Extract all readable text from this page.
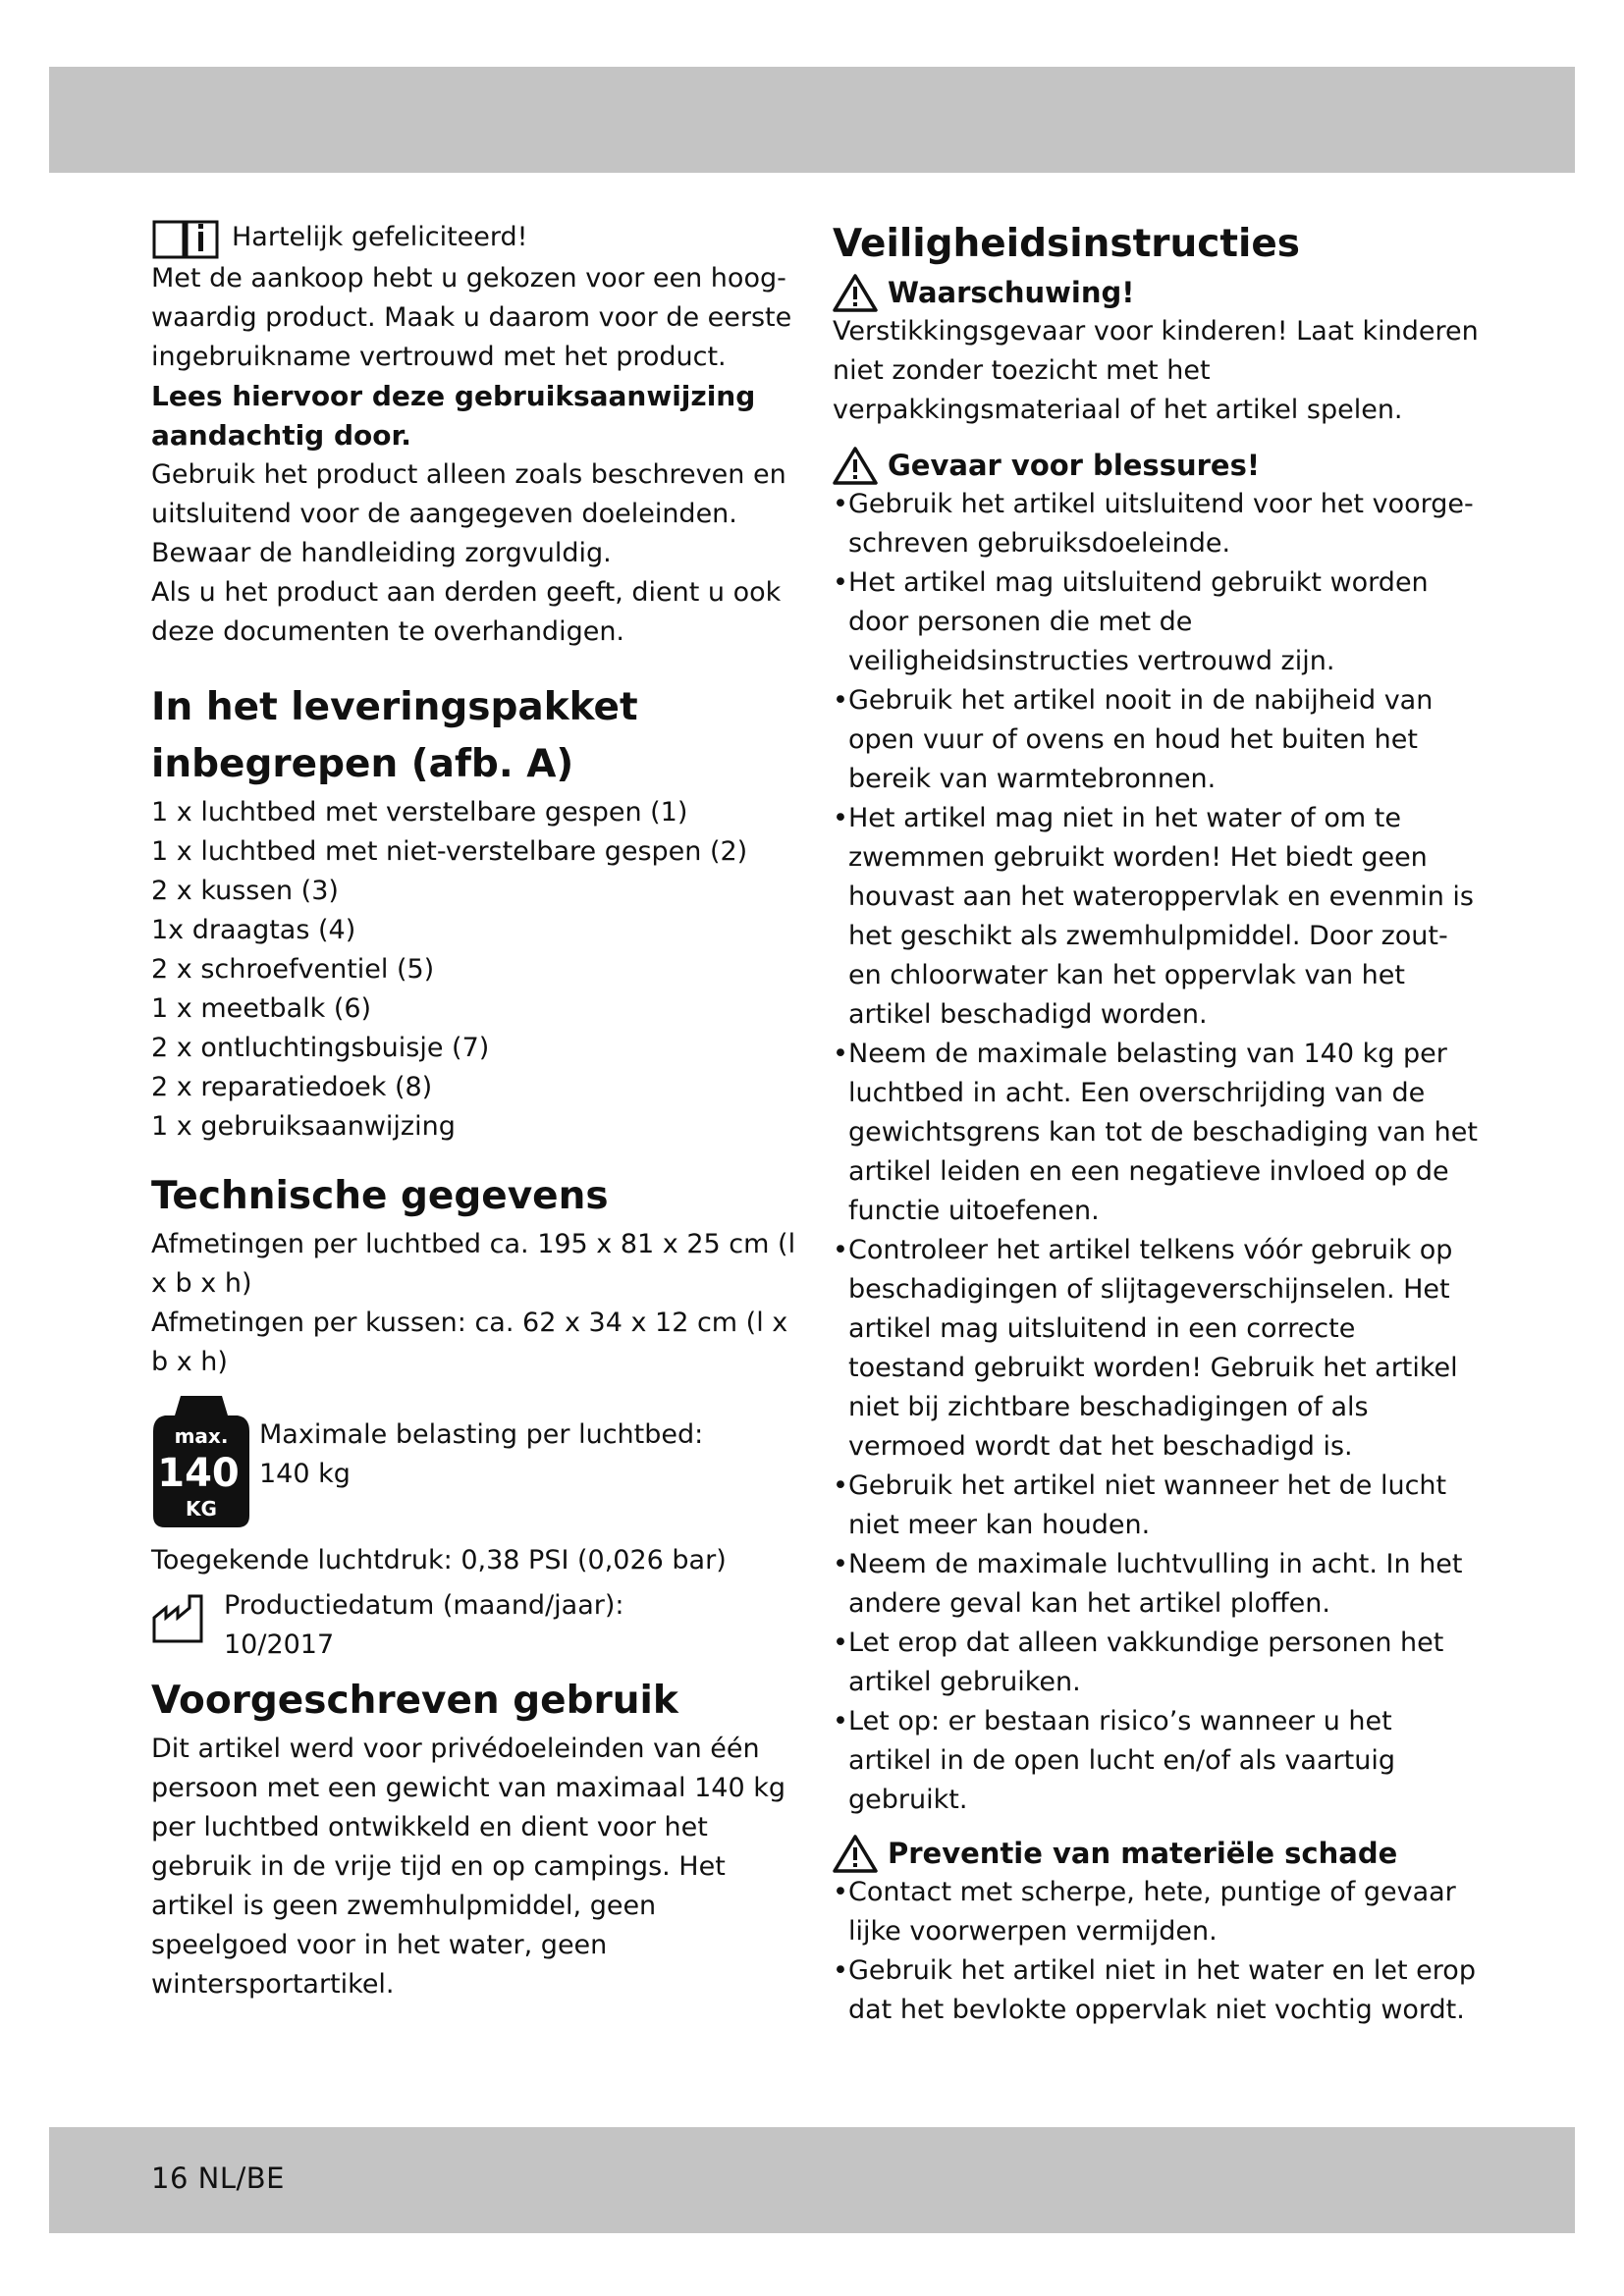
Hartelijk gefeliciteerd!

Met de aankoop hebt u gekozen voor een hoog-waardig product. Maak u daarom voor de eerste ingebruikname vertrouwd met het product.

Lees hiervoor deze gebruiksaanwijzing aandachtig door.

Gebruik het product alleen zoals beschreven en uitsluitend voor de aangegeven doeleinden.

Bewaar de handleiding zorgvuldig.

Als u het product aan derden geeft, dient u ook deze documenten te overhandigen.

In het leveringspakket inbegrepen (afb. A)

1 x luchtbed met verstelbare gespen (1)

1 x luchtbed met niet-verstelbare gespen (2)

2 x kussen (3)

1x draagtas (4)

2 x schroefventiel (5)

1 x meetbalk (6)

2 x ontluchtingsbuisje (7)

2 x reparatiedoek (8)

1 x gebruiksaanwijzing

Technische gegevens

Afmetingen per luchtbed ca. 195 x 81 x 25 cm (l x b x h)

Afmetingen per kussen: ca. 62 x 34 x 12 cm (l x b x h)

max.
140
KG

Maximale belasting per luchtbed:

140 kg

Toegekende luchtdruk: 0,38 PSI (0,026 bar)

Productiedatum (maand/jaar):

10/2017

Voorgeschreven gebruik

Dit artikel werd voor privédoeleinden van één persoon met een gewicht van maximaal 140 kg per luchtbed ontwikkeld en dient voor het gebruik in de vrije tijd en op campings. Het artikel is geen zwemhulpmiddel, geen speelgoed voor in het water, geen wintersportartikel.

Veiligheidsinstructies
Waarschuwing!

Verstikkingsgevaar voor kinderen! Laat kinderen niet zonder toezicht met het verpakkingsmateriaal of het artikel spelen.

Gevaar voor blessures!
• Gebruik het artikel uitsluitend voor het voorge-schreven gebruiksdoeleinde.
• Het artikel mag uitsluitend gebruikt worden door personen die met de veiligheidsinstructies vertrouwd zijn.
• Gebruik het artikel nooit in de nabijheid van open vuur of ovens en houd het buiten het bereik van warmtebronnen.
• Het artikel mag niet in het water of om te zwemmen gebruikt worden! Het biedt geen houvast aan het wateroppervlak en evenmin is het geschikt als zwemhulpmiddel. Door zout- en chloorwater kan het oppervlak van het artikel beschadigd worden.
• Neem de maximale belasting van 140 kg per luchtbed in acht. Een overschrijding van de gewichtsgrens kan tot de beschadiging van het artikel leiden en een negatieve invloed op de functie uitoefenen.
• Controleer het artikel telkens vóór gebruik op beschadigingen of slijtageverschijnselen. Het artikel mag uitsluitend in een correcte toestand gebruikt worden! Gebruik het artikel niet bij zichtbare beschadigingen of als vermoed wordt dat het beschadigd is.
• Gebruik het artikel niet wanneer het de lucht niet meer kan houden.
• Neem de maximale luchtvulling in acht. In het andere geval kan het artikel ploffen.
• Let erop dat alleen vakkundige personen het artikel gebruiken.
• Let op: er bestaan risico’s wanneer u het artikel in de open lucht en/of als vaartuig gebruikt.
Preventie van materiële schade
• Contact met scherpe, hete, puntige of gevaar lijke voorwerpen vermijden.
• Gebruik het artikel niet in het water en let erop dat het bevlokte oppervlak niet vochtig wordt.
16 NL/BE
